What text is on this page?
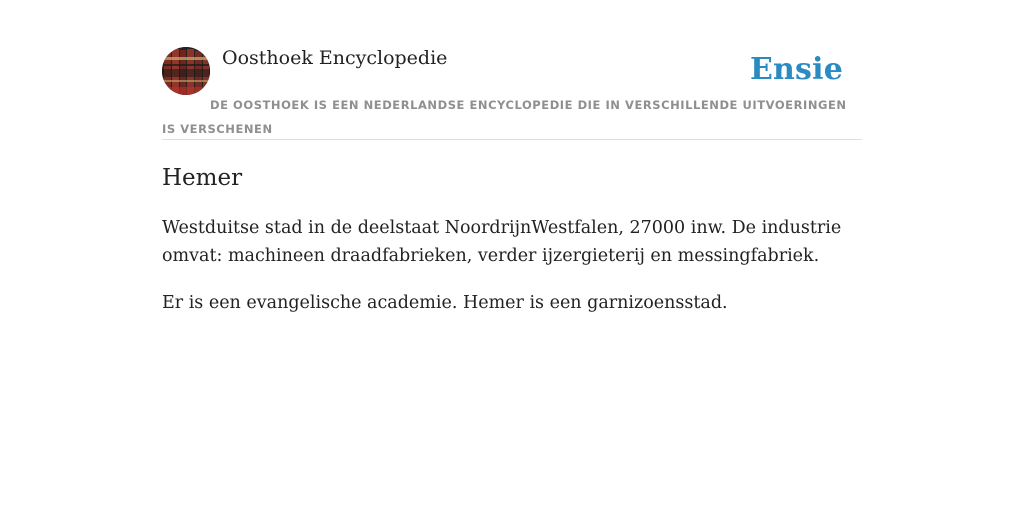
Oosthoek Encyclopedie	Ensie

DE OOSTHOEK IS EEN NEDERLANDSE ENCYCLOPEDIE DIE IN VERSCHILLENDE UITVOERINGEN IS VERSCHENEN

Hemer

Westduitse stad in de deelstaat NoordrijnWestfalen, 27000 inw. De industrie omvat: machineen draadfabrieken, verder ijzergieterij en messingfabriek.

Er is een evangelische academie. Hemer is een garnizoensstad.
